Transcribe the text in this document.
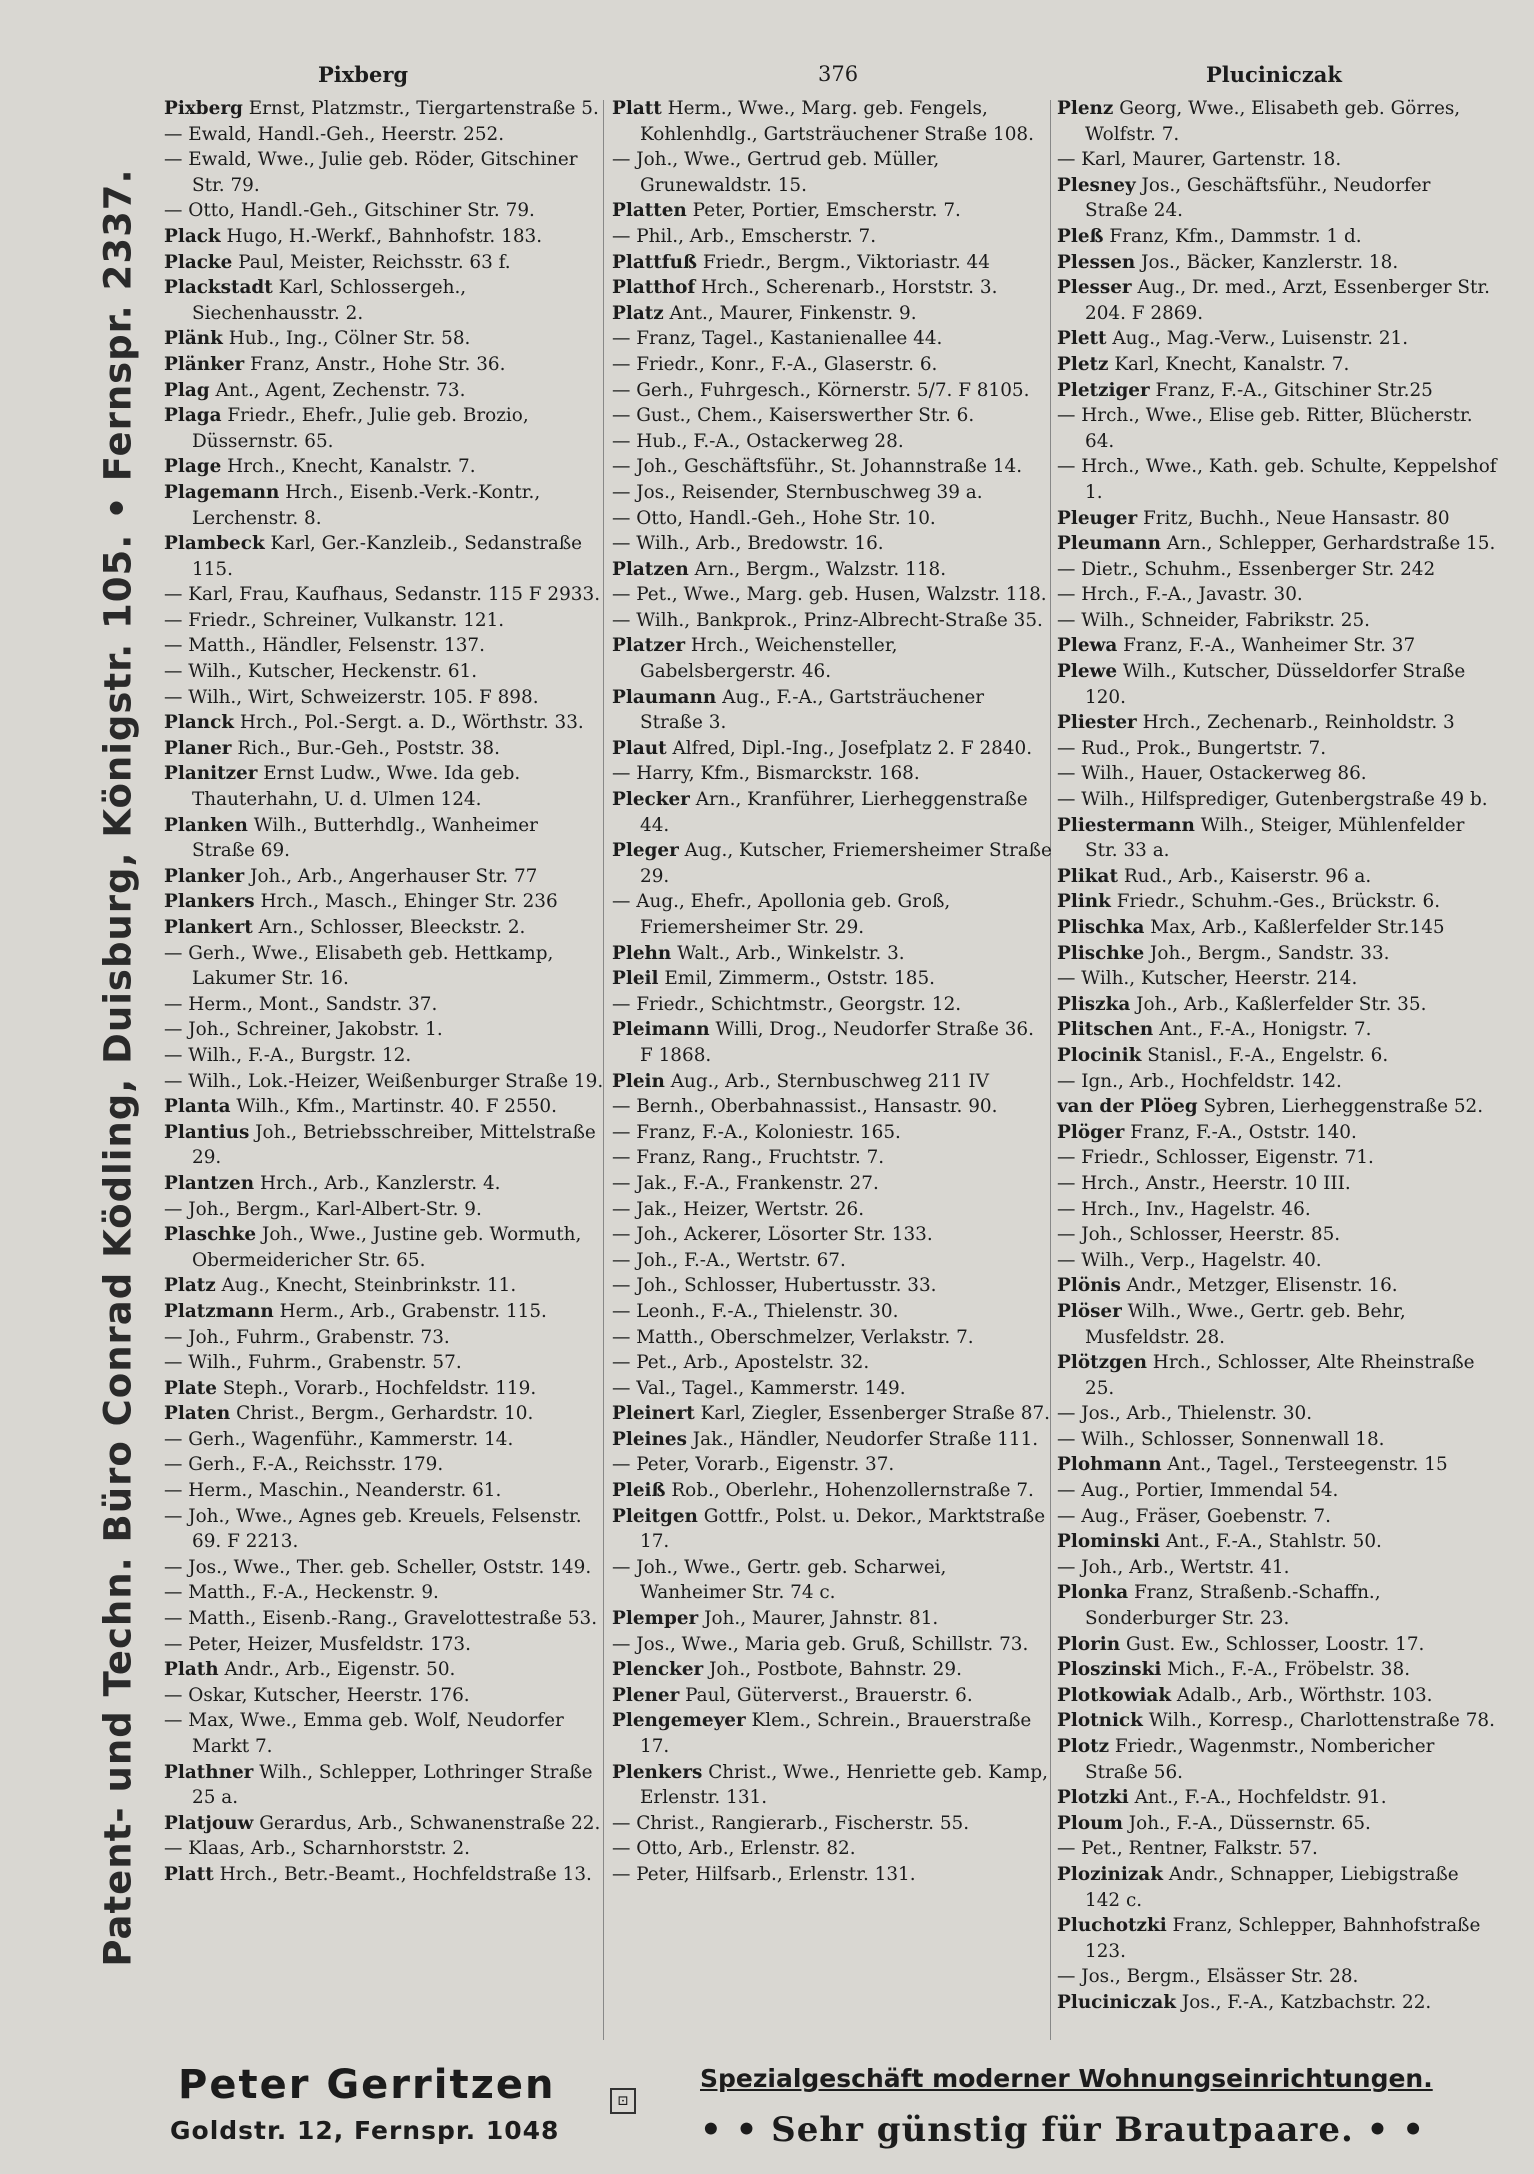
Patent- und Techn. Büro Conrad Ködling, Duisburg, Königstr. 105. • Fernspr. 2337.
Pixberg	376	Pluciniczak
Pixberg Ernst, Platzmstr., Tiergartenstraße 5.
— Ewald, Handl.-Geh., Heerstr. 252.
— Ewald, Wwe., Julie geb. Röder, Gitschiner Str. 79.
— Otto, Handl.-Geh., Gitschiner Str. 79.
Plack Hugo, H.-Werkf., Bahnhofstr. 183.
Placke Paul, Meister, Reichsstr. 63 f.
Plackstadt Karl, Schlossergeh., Siechenhausstr. 2.
Plänk Hub., Ing., Cölner Str. 58.
Plänker Franz, Anstr., Hohe Str. 36.
Plag Ant., Agent, Zechenstr. 73.
Plaga Friedr., Ehefr., Julie geb. Brozio, Düssernstr. 65.
Plage Hrch., Knecht, Kanalstr. 7.
Plagemann Hrch., Eisenb.-Verk.-Kontr., Lerchenstr. 8.
Plambeck Karl, Ger.-Kanzleib., Sedanstraße 115.
— Karl, Frau, Kaufhaus, Sedanstr. 115 F 2933.
— Friedr., Schreiner, Vulkanstr. 121.
— Matth., Händler, Felsenstr. 137.
— Wilh., Kutscher, Heckenstr. 61.
— Wilh., Wirt, Schweizerstr. 105. F 898.
Planck Hrch., Pol.-Sergt. a. D., Wörthstr. 33.
Planer Rich., Bur.-Geh., Poststr. 38.
Planitzer Ernst Ludw., Wwe. Ida geb. Thauterhahn, U. d. Ulmen 124.
Planken Wilh., Butterhdlg., Wanheimer Straße 69.
Planker Joh., Arb., Angerhauser Str. 77
Plankers Hrch., Masch., Ehinger Str. 236
Plankert Arn., Schlosser, Bleeckstr. 2.
— Gerh., Wwe., Elisabeth geb. Hettkamp, Lakumer Str. 16.
— Herm., Mont., Sandstr. 37.
— Joh., Schreiner, Jakobstr. 1.
— Wilh., F.-A., Burgstr. 12.
— Wilh., Lok.-Heizer, Weißenburger Straße 19.
Planta Wilh., Kfm., Martinstr. 40. F 2550.
Plantius Joh., Betriebsschreiber, Mittelstraße 29.
Plantzen Hrch., Arb., Kanzlerstr. 4.
— Joh., Bergm., Karl-Albert-Str. 9.
Plaschke Joh., Wwe., Justine geb. Wormuth, Obermeidericher Str. 65.
Platz Aug., Knecht, Steinbrinkstr. 11.
Platzmann Herm., Arb., Grabenstr. 115.
— Joh., Fuhrm., Grabenstr. 73.
— Wilh., Fuhrm., Grabenstr. 57.
Plate Steph., Vorarb., Hochfeldstr. 119.
Platen Christ., Bergm., Gerhardstr. 10.
— Gerh., Wagenführ., Kammerstr. 14.
— Gerh., F.-A., Reichsstr. 179.
— Herm., Maschin., Neanderstr. 61.
— Joh., Wwe., Agnes geb. Kreuels, Felsenstr. 69. F 2213.
— Jos., Wwe., Ther. geb. Scheller, Oststr. 149.
— Matth., F.-A., Heckenstr. 9.
— Matth., Eisenb.-Rang., Gravelottestraße 53.
— Peter, Heizer, Musfeldstr. 173.
Plath Andr., Arb., Eigenstr. 50.
— Oskar, Kutscher, Heerstr. 176.
— Max, Wwe., Emma geb. Wolf, Neudorfer Markt 7.
Plathner Wilh., Schlepper, Lothringer Straße 25 a.
Platjouw Gerardus, Arb., Schwanenstraße 22.
— Klaas, Arb., Scharnhorststr. 2.
Platt Hrch., Betr.-Beamt., Hochfeldstraße 13.
Platt Herm., Wwe., Marg. geb. Fengels, Kohlenhdlg., Gartsträuchener Straße 108.
— Joh., Wwe., Gertrud geb. Müller, Grunewaldstr. 15.
Platten Peter, Portier, Emscherstr. 7.
— Phil., Arb., Emscherstr. 7.
Plattfuß Friedr., Bergm., Viktoriastr. 44
Platthof Hrch., Scherenarb., Horststr. 3.
Platz Ant., Maurer, Finkenstr. 9.
— Franz, Tagel., Kastanienallee 44.
— Friedr., Konr., F.-A., Glaserstr. 6.
— Gerh., Fuhrgesch., Körnerstr. 5/7. F 8105.
— Gust., Chem., Kaiserswerther Str. 6.
— Hub., F.-A., Ostackerweg 28.
— Joh., Geschäftsführ., St. Johannstraße 14.
— Jos., Reisender, Sternbuschweg 39 a.
— Otto, Handl.-Geh., Hohe Str. 10.
— Wilh., Arb., Bredowstr. 16.
Platzen Arn., Bergm., Walzstr. 118.
— Pet., Wwe., Marg. geb. Husen, Walzstr. 118.
— Wilh., Bankprok., Prinz-Albrecht-Straße 35.
Platzer Hrch., Weichensteller, Gabelsbergerstr. 46.
Plaumann Aug., F.-A., Gartsträuchener Straße 3.
Plaut Alfred, Dipl.-Ing., Josefplatz 2. F 2840.
— Harry, Kfm., Bismarckstr. 168.
Plecker Arn., Kranführer, Lierheggenstraße 44.
Pleger Aug., Kutscher, Friemersheimer Straße 29.
— Aug., Ehefr., Apollonia geb. Groß, Friemersheimer Str. 29.
Plehn Walt., Arb., Winkelstr. 3.
Pleil Emil, Zimmerm., Oststr. 185.
— Friedr., Schichtmstr., Georgstr. 12.
Pleimann Willi, Drog., Neudorfer Straße 36. F 1868.
Plein Aug., Arb., Sternbuschweg 211 IV
— Bernh., Oberbahnassist., Hansastr. 90.
— Franz, F.-A., Koloniestr. 165.
— Franz, Rang., Fruchtstr. 7.
— Jak., F.-A., Frankenstr. 27.
— Jak., Heizer, Wertstr. 26.
— Joh., Ackerer, Lösorter Str. 133.
— Joh., F.-A., Wertstr. 67.
— Joh., Schlosser, Hubertusstr. 33.
— Leonh., F.-A., Thielenstr. 30.
— Matth., Oberschmelzer, Verlakstr. 7.
— Pet., Arb., Apostelstr. 32.
— Val., Tagel., Kammerstr. 149.
Pleinert Karl, Ziegler, Essenberger Straße 87.
Pleines Jak., Händler, Neudorfer Straße 111.
— Peter, Vorarb., Eigenstr. 37.
Pleiß Rob., Oberlehr., Hohenzollernstraße 7.
Pleitgen Gottfr., Polst. u. Dekor., Marktstraße 17.
— Joh., Wwe., Gertr. geb. Scharwei, Wanheimer Str. 74 c.
Plemper Joh., Maurer, Jahnstr. 81.
— Jos., Wwe., Maria geb. Gruß, Schillstr. 73.
Plencker Joh., Postbote, Bahnstr. 29.
Plener Paul, Güterverst., Brauerstr. 6.
Plengemeyer Klem., Schrein., Brauerstraße 17.
Plenkers Christ., Wwe., Henriette geb. Kamp, Erlenstr. 131.
— Christ., Rangierarb., Fischerstr. 55.
— Otto, Arb., Erlenstr. 82.
— Peter, Hilfsarb., Erlenstr. 131.
Plenz Georg, Wwe., Elisabeth geb. Görres, Wolfstr. 7.
— Karl, Maurer, Gartenstr. 18.
Plesney Jos., Geschäftsführ., Neudorfer Straße 24.
Pleß Franz, Kfm., Dammstr. 1 d.
Plessen Jos., Bäcker, Kanzlerstr. 18.
Plesser Aug., Dr. med., Arzt, Essenberger Str. 204. F 2869.
Plett Aug., Mag.-Verw., Luisenstr. 21.
Pletz Karl, Knecht, Kanalstr. 7.
Pletziger Franz, F.-A., Gitschiner Str.25
— Hrch., Wwe., Elise geb. Ritter, Blücherstr. 64.
— Hrch., Wwe., Kath. geb. Schulte, Keppelshof 1.
Pleuger Fritz, Buchh., Neue Hansastr. 80
Pleumann Arn., Schlepper, Gerhardstraße 15.
— Dietr., Schuhm., Essenberger Str. 242
— Hrch., F.-A., Javastr. 30.
— Wilh., Schneider, Fabrikstr. 25.
Plewa Franz, F.-A., Wanheimer Str. 37
Plewe Wilh., Kutscher, Düsseldorfer Straße 120.
Pliester Hrch., Zechenarb., Reinholdstr. 3
— Rud., Prok., Bungertstr. 7.
— Wilh., Hauer, Ostackerweg 86.
— Wilh., Hilfsprediger, Gutenbergstraße 49 b.
Pliestermann Wilh., Steiger, Mühlenfelder Str. 33 a.
Plikat Rud., Arb., Kaiserstr. 96 a.
Plink Friedr., Schuhm.-Ges., Brückstr. 6.
Plischka Max, Arb., Kaßlerfelder Str.145
Plischke Joh., Bergm., Sandstr. 33.
— Wilh., Kutscher, Heerstr. 214.
Pliszka Joh., Arb., Kaßlerfelder Str. 35.
Plitschen Ant., F.-A., Honigstr. 7.
Plocinik Stanisl., F.-A., Engelstr. 6.
— Ign., Arb., Hochfeldstr. 142.
van der Plöeg Sybren, Lierheggenstraße 52.
Plöger Franz, F.-A., Oststr. 140.
— Friedr., Schlosser, Eigenstr. 71.
— Hrch., Anstr., Heerstr. 10 III.
— Hrch., Inv., Hagelstr. 46.
— Joh., Schlosser, Heerstr. 85.
— Wilh., Verp., Hagelstr. 40.
Plönis Andr., Metzger, Elisenstr. 16.
Plöser Wilh., Wwe., Gertr. geb. Behr, Musfeldstr. 28.
Plötzgen Hrch., Schlosser, Alte Rheinstraße 25.
— Jos., Arb., Thielenstr. 30.
— Wilh., Schlosser, Sonnenwall 18.
Plohmann Ant., Tagel., Tersteegenstr. 15
— Aug., Portier, Immendal 54.
— Aug., Fräser, Goebenstr. 7.
Plominski Ant., F.-A., Stahlstr. 50.
— Joh., Arb., Wertstr. 41.
Plonka Franz, Straßenb.-Schaffn., Sonderburger Str. 23.
Plorin Gust. Ew., Schlosser, Loostr. 17.
Ploszinski Mich., F.-A., Fröbelstr. 38.
Plotkowiak Adalb., Arb., Wörthstr. 103.
Plotnick Wilh., Korresp., Charlottenstraße 78.
Plotz Friedr., Wagenmstr., Nombericher Straße 56.
Plotzki Ant., F.-A., Hochfeldstr. 91.
Ploum Joh., F.-A., Düssernstr. 65.
— Pet., Rentner, Falkstr. 57.
Plozinizak Andr., Schnapper, Liebigstraße 142 c.
Pluchotzki Franz, Schlepper, Bahnhofstraße 123.
— Jos., Bergm., Elsässer Str. 28.
Pluciniczak Jos., F.-A., Katzbachstr. 22.
Peter Gerritzen
Goldstr. 12, Fernspr. 1048
⊡
Spezialgeschäft moderner Wohnungseinrichtungen.
• • Sehr günstig für Brautpaare. • •
